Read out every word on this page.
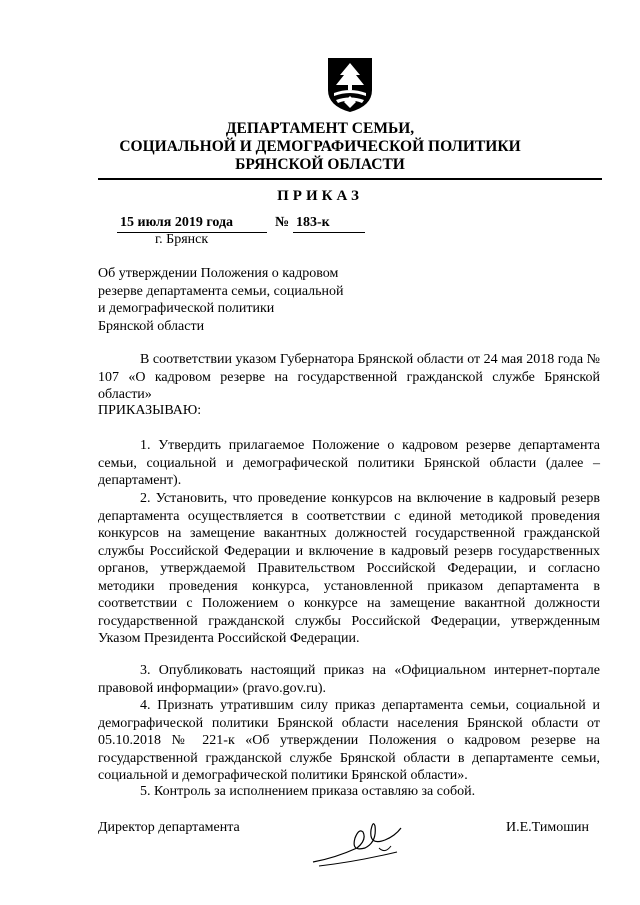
ДЕПАРТАМЕНТ СЕМЬИ,
СОЦИАЛЬНОЙ И ДЕМОГРАФИЧЕСКОЙ ПОЛИТИКИ
БРЯНСКОЙ ОБЛАСТИ
ПРИКАЗ
15 июля 2019 года	№ 183-к
г. Брянск
Об утверждении Положения о кадровом
резерве департамента семьи, социальной
и демографической политики
Брянской области
В соответствии указом Губернатора Брянской области от 24 мая 2018 года № 107 «О кадровом резерве на государственной гражданской службе Брянской области»
ПРИКАЗЫВАЮ:
1. Утвердить прилагаемое Положение о кадровом резерве департамента семьи, социальной и демографической политики Брянской области (далее – департамент).
2. Установить, что проведение конкурсов на включение в кадровый резерв департамента осуществляется в соответствии с единой методикой проведения конкурсов на замещение вакантных должностей государственной гражданской службы Российской Федерации и включение в кадровый резерв государственных органов, утверждаемой Правительством Российской Федерации, и согласно методики проведения конкурса, установленной приказом департамента в соответствии с Положением о конкурсе на замещение вакантной должности государственной гражданской службы Российской Федерации, утвержденным Указом Президента Российской Федерации.
3. Опубликовать настоящий приказ на «Официальном интернет-портале правовой информации» (pravo.gov.ru).
4. Признать утратившим силу приказ департамента семьи, социальной и демографической политики Брянской области населения Брянской области от 05.10.2018 № 221-к «Об утверждении Положения о кадровом резерве на государственной гражданской службе Брянской области в департаменте семьи, социальной и демографической политики Брянской области».
5. Контроль за исполнением приказа оставляю за собой.
Директор департамента	И.Е.Тимошин
